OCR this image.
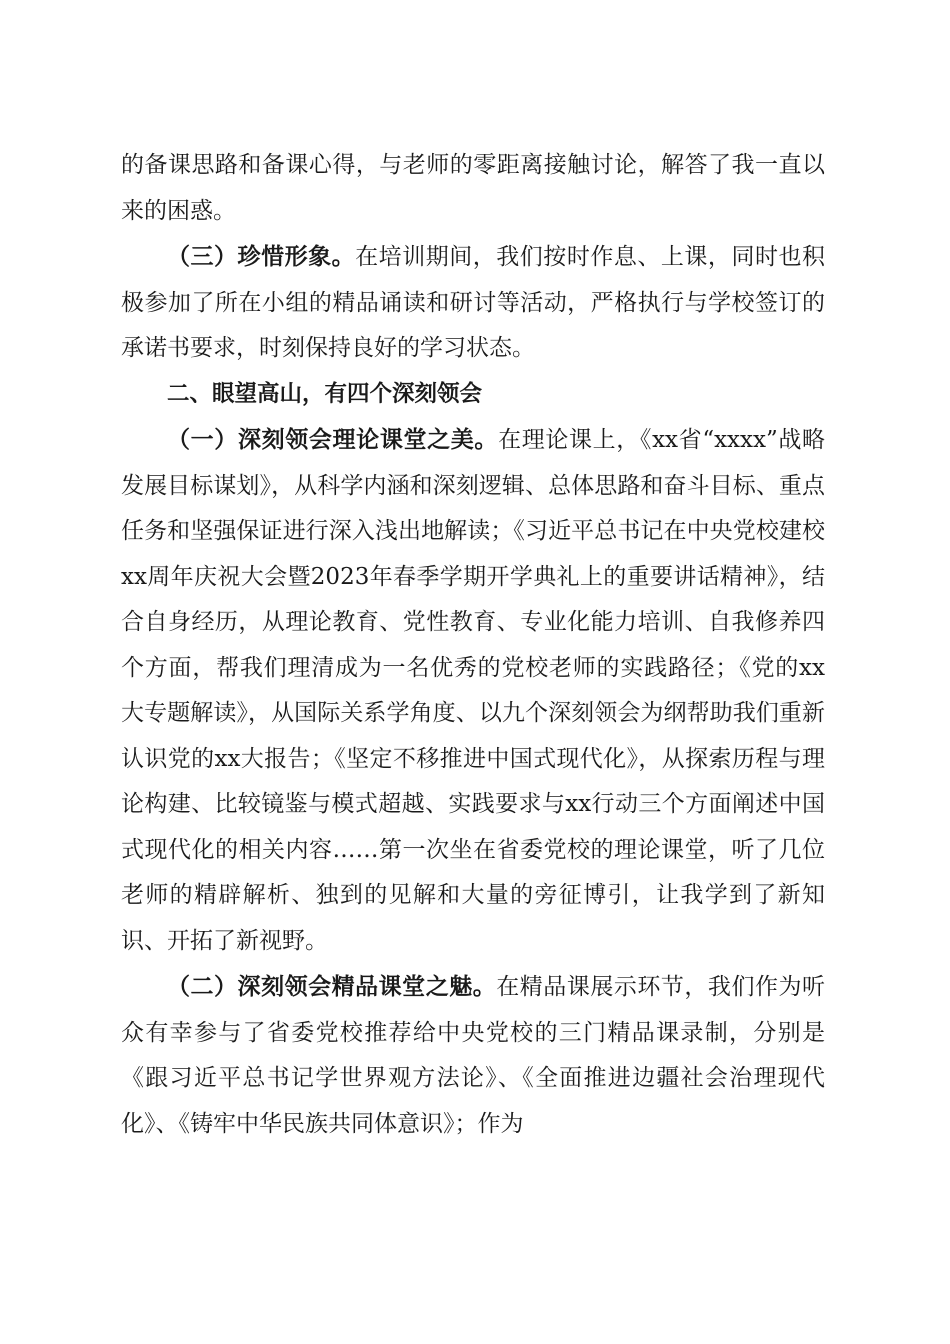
的备课思路和备课心得，与老师的零距离接触讨论，解答了我一直以来的困惑。

（三）珍惜形象。在培训期间，我们按时作息、上课，同时也积极参加了所在小组的精品诵读和研讨等活动，严格执行与学校签订的承诺书要求，时刻保持良好的学习状态。

二、眼望高山，有四个深刻领会

（一）深刻领会理论课堂之美。在理论课上，《xx省“xxxx”战略发展目标谋划》，从科学内涵和深刻逻辑、总体思路和奋斗目标、重点任务和坚强保证进行深入浅出地解读；《习近平总书记在中央党校建校xx周年庆祝大会暨2023年春季学期开学典礼上的重要讲话精神》，结合自身经历，从理论教育、党性教育、专业化能力培训、自我修养四个方面，帮我们理清成为一名优秀的党校老师的实践路径；《党的xx大专题解读》，从国际关系学角度、以九个深刻领会为纲帮助我们重新认识党的xx大报告；《坚定不移推进中国式现代化》，从探索历程与理论构建、比较镜鉴与模式超越、实践要求与xx行动三个方面阐述中国式现代化的相关内容……第一次坐在省委党校的理论课堂，听了几位老师的精辟解析、独到的见解和大量的旁征博引，让我学到了新知识、开拓了新视野。

（二）深刻领会精品课堂之魅。在精品课展示环节，我们作为听众有幸参与了省委党校推荐给中央党校的三门精品课录制，分别是《跟习近平总书记学世界观方法论》、《全面推进边疆社会治理现代化》、《铸牢中华民族共同体意识》；作为
